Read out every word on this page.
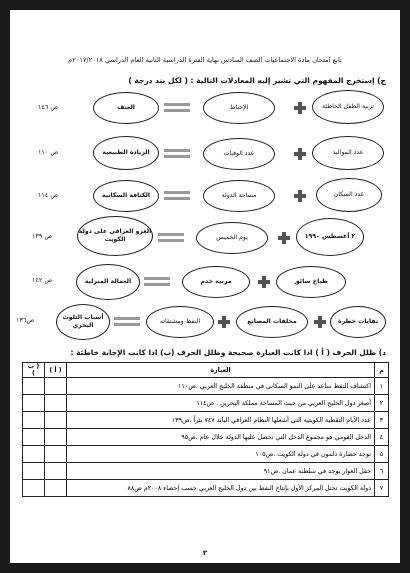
تابع امتحان مادة الاجتماعيات الصف السادس نهاية الفترة الدراسية الثانية العام الدراسي ٢٠١٧/٢٠١٨م
ج) إستخرج المفهوم التي تشير إليه المعادلات التالية : ( لكل بند درجة )
تربية الطفل الحاطئة
الإحباط
العنف
ص ١٤٦
عدد المواليد
عدد الوفيات
الزيادة الطبيعية
ص ١١٠
عدد السكان
مساحة الدولة
الكثافة السكانية
ص ١١٤
٢ أغسطس ١٩٩٠
يوم الخميس
الغزو العراقي على دولة الكويت
ص ١٣٩
طباخ سائق
مربية خدم
العمالة المنزلية
ص ١٤٢
نفايات خطرة
مخلفات المصانع
النفط ومشتقاته
أسباب التلوث البحري
ص١٣٦
د) ظلل الحرف ( أ ) اذا كانت العبارة صحيحة وظلل الحرف (ب) اذا كانت الإجابة خاطئة :
م	العبارة	( أ )	( ب )
١	اكتشاف النفط ساعد على النمو السكاني في منطقة الخليج العربي .ص١١٠		
٢	أصغر دول الخليج العربي من حيث المساحة مملكة البحرين . ص١١٤		
٣	عدد الأيام التقطية الكويتية التي أشعلها النظام العراقي البائد ٧٤٧ بئراً .ص١٣٩		
٤	الدخل القومي هو مجموع الدخل التي تحصل عليها الدولة خلال عام .ص٩٥		
٥	توجد حضارة دلمون في دولة الكويت .ص١٠٥		
٦	حقل الغوار يوجد في سلطنة عمان .ص٩١		
٧	دولة الكويت تحتل المركز الأول بإنتاج النفط بين دول الخليج العربي حسب إحصاء ٢٠٠٨م ص٨٨		
٢
